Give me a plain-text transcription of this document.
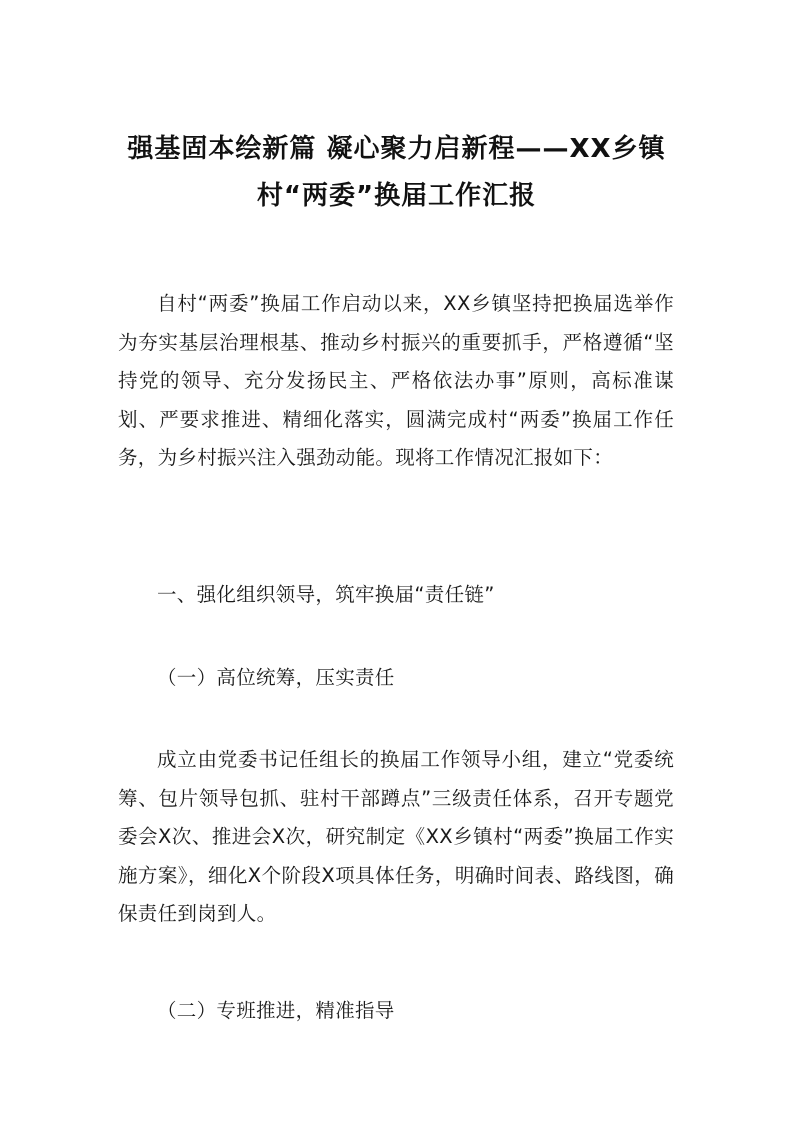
强基固本绘新篇 凝心聚力启新程——XX乡镇村“两委”换届工作汇报

自村“两委”换届工作启动以来，XX乡镇坚持把换届选举作为夯实基层治理根基、推动乡村振兴的重要抓手，严格遵循“坚持党的领导、充分发扬民主、严格依法办事”原则，高标准谋划、严要求推进、精细化落实，圆满完成村“两委”换届工作任务，为乡村振兴注入强劲动能。现将工作情况汇报如下：

一、强化组织领导，筑牢换届“责任链”

（一）高位统筹，压实责任

成立由党委书记任组长的换届工作领导小组，建立“党委统筹、包片领导包抓、驻村干部蹲点”三级责任体系，召开专题党委会X次、推进会X次，研究制定《XX乡镇村“两委”换届工作实施方案》，细化X个阶段X项具体任务，明确时间表、路线图，确保责任到岗到人。

（二）专班推进，精准指导
